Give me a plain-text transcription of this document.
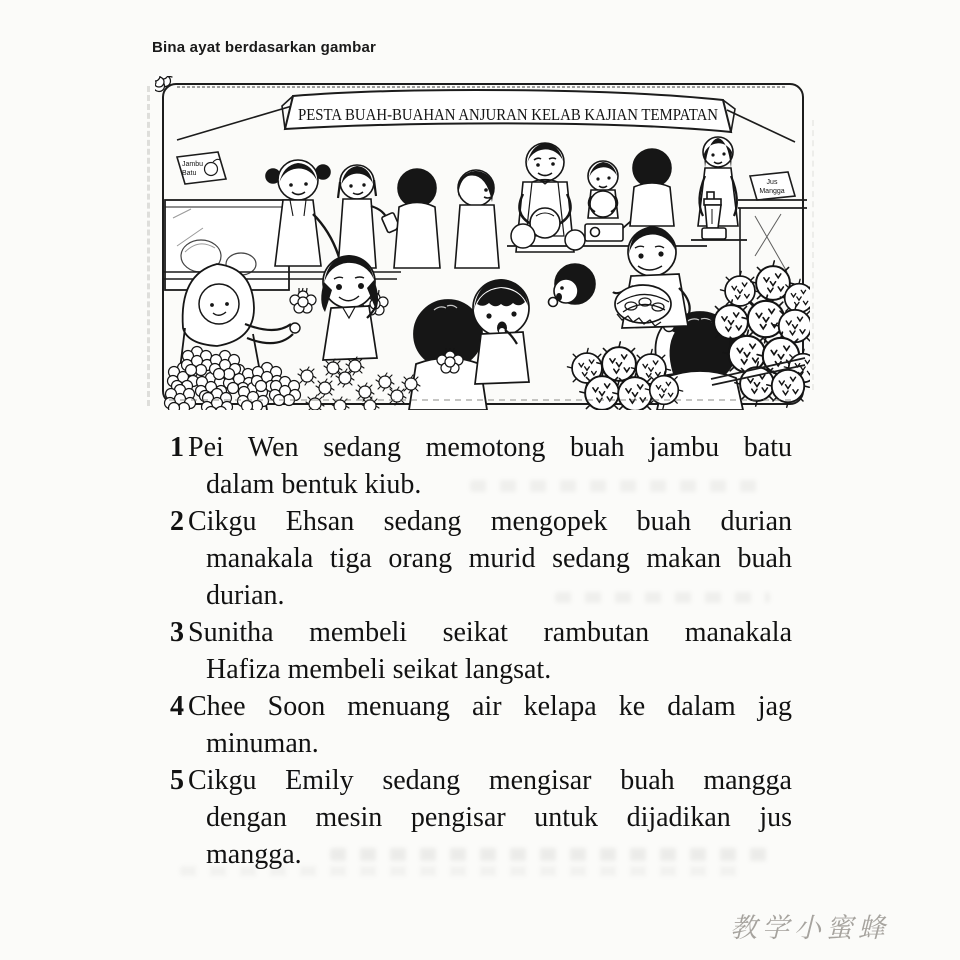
Bina ayat berdasarkan gambar
PESTA BUAH-BUAHAN ANJURAN KELAB KAJIAN TEMPATAN
Jambu
Batu
Jus
Mangga
1 Pei Wen sedang memotong buah jambu batu
dalam bentuk kiub.
2 Cikgu Ehsan sedang mengopek buah durian
manakala tiga orang murid sedang makan buah
durian.
3 Sunitha membeli seikat rambutan manakala
Hafiza membeli seikat langsat.
4 Chee Soon menuang air kelapa ke dalam jag
minuman.
5 Cikgu Emily sedang mengisar buah mangga
dengan mesin pengisar untuk dijadikan jus
mangga.
教学小蜜蜂
